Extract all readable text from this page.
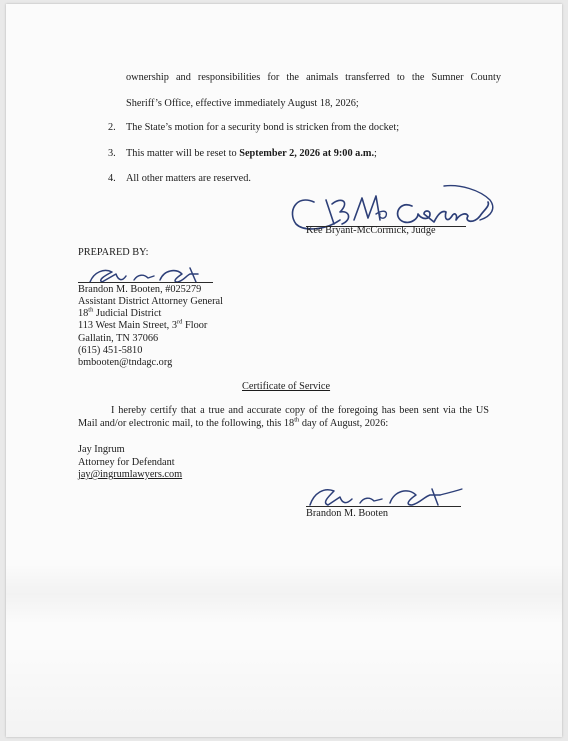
ownership and responsibilities for the animals transferred to the Sumner County
Sheriff’s Office, effective immediately August 18, 2026;
2. The State’s motion for a security bond is stricken from the docket;
3. This matter will be reset to September 2, 2026 at 9:00 a.m.;
4. All other matters are reserved.
Kee Bryant-McCormick, Judge
PREPARED BY:
Brandon M. Booten, #025279
Assistant District Attorney General
18th Judicial District
113 West Main Street, 3rd Floor
Gallatin, TN 37066
(615) 451-5810
bmbooten@tndagc.org
Certificate of Service
I hereby certify that a true and accurate copy of the foregoing has been sent via the US
Mail and/or electronic mail, to the following, this 18th day of August, 2026:
Jay Ingrum
Attorney for Defendant
jay@ingrumlawyers.com
Brandon M. Booten
